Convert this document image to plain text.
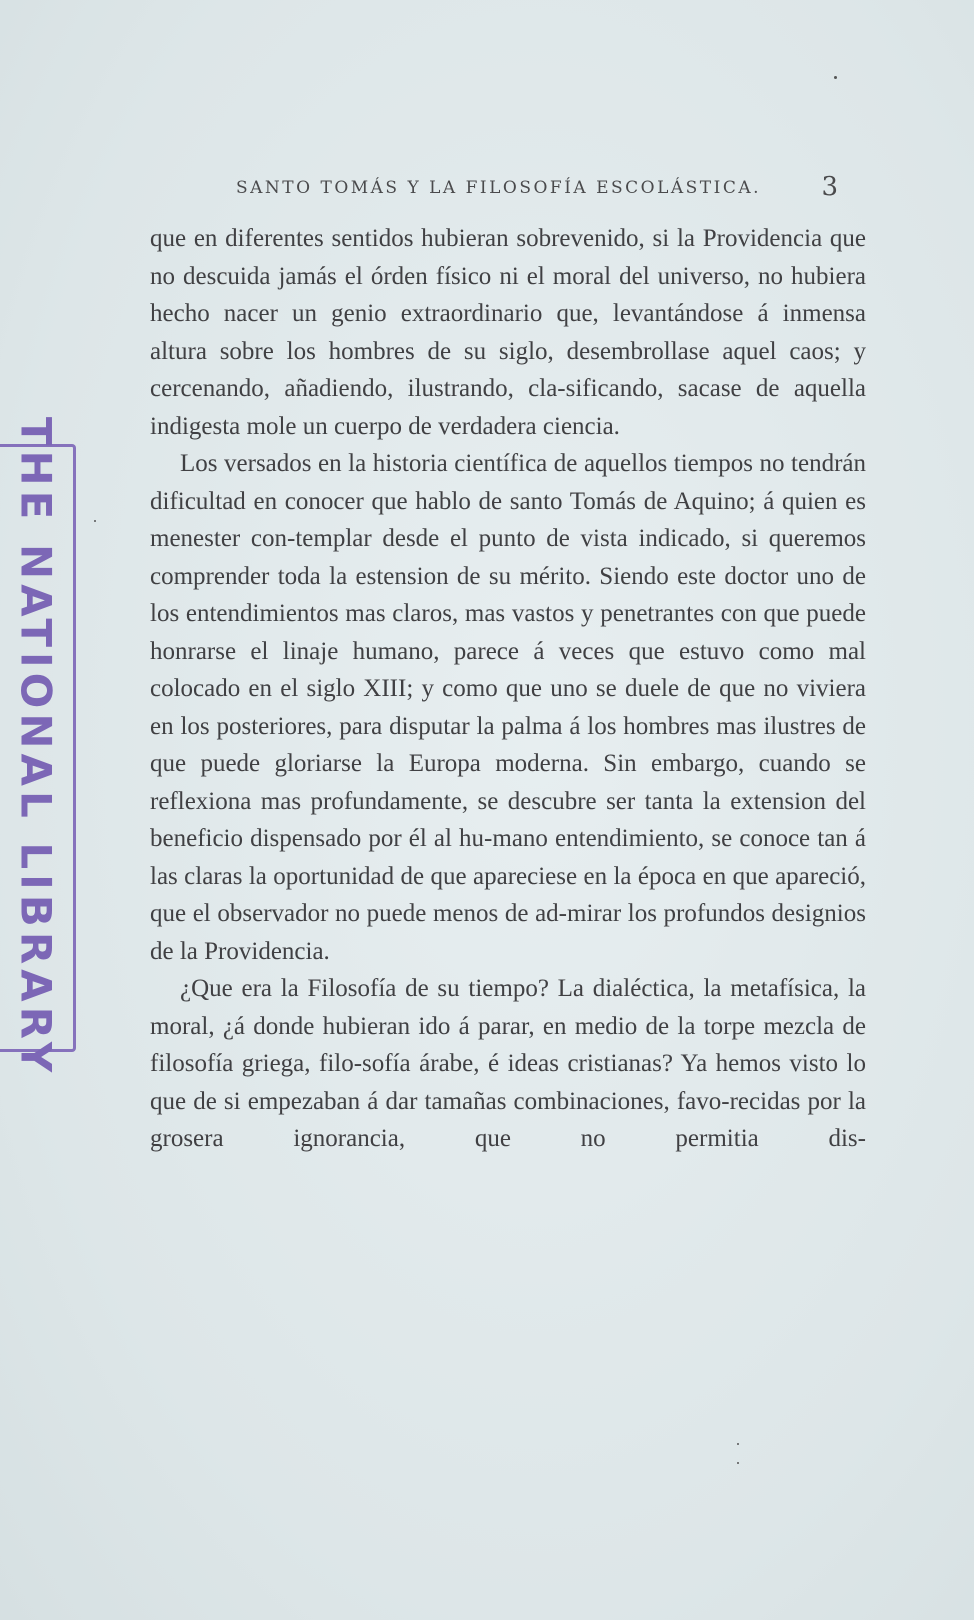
THE NATIONAL LIBRARY
SANTO TOMÁS Y LA FILOSOFÍA ESCOLÁSTICA. 3

que en diferentes sentidos hubieran sobrevenido, si la Providencia que no descuida jamás el órden físico ni el moral del universo, no hubiera hecho nacer un genio extraordinario que, levantándose á inmensa altura sobre los hombres de su siglo, desembrollase aquel caos; y cercenando, añadiendo, ilustrando, cla-sificando, sacase de aquella indigesta mole un cuerpo de verdadera ciencia.

Los versados en la historia científica de aquellos tiempos no tendrán dificultad en conocer que hablo de santo Tomás de Aquino; á quien es menester con-templar desde el punto de vista indicado, si queremos comprender toda la estension de su mérito. Siendo este doctor uno de los entendimientos mas claros, mas vastos y penetrantes con que puede honrarse el linaje humano, parece á veces que estuvo como mal colocado en el siglo XIII; y como que uno se duele de que no viviera en los posteriores, para disputar la palma á los hombres mas ilustres de que puede gloriarse la Europa moderna. Sin embargo, cuando se reflexiona mas profundamente, se descubre ser tanta la extension del beneficio dispensado por él al hu-mano entendimiento, se conoce tan á las claras la oportunidad de que apareciese en la época en que apareció, que el observador no puede menos de ad-mirar los profundos designios de la Providencia.

¿Que era la Filosofía de su tiempo? La dialéctica, la metafísica, la moral, ¿á donde hubieran ido á parar, en medio de la torpe mezcla de filosofía griega, filo-sofía árabe, é ideas cristianas? Ya hemos visto lo que de si empezaban á dar tamañas combinaciones, favo-recidas por la grosera ignorancia, que no permitia dis-
